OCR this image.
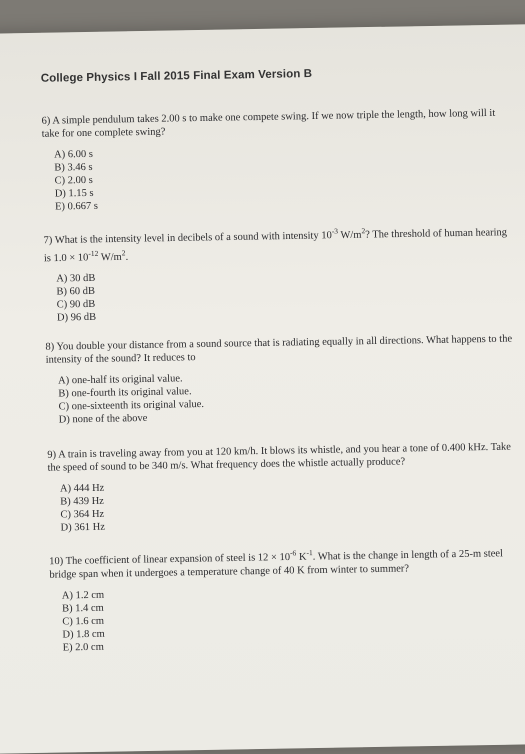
College Physics I Fall 2015 Final Exam Version B

6) A simple pendulum takes 2.00 s to make one compete swing. If we now triple the length, how long will it take for one complete swing?

A) 6.00 s
B) 3.46 s
C) 2.00 s
D) 1.15 s
E) 0.667 s

7) What is the intensity level in decibels of a sound with intensity $10^{-3}$ $W/m^2$? The threshold of human hearing is $1.0 \times 10^{-12}$ $W/m^2$.

A) 30 dB
B) 60 dB
C) 90 dB
D) 96 dB

8) You double your distance from a sound source that is radiating equally in all directions. What happens to the intensity of the sound? It reduces to

A) one-half its original value.
B) one-fourth its original value.
C) one-sixteenth its original value.
D) none of the above

9) A train is traveling away from you at 120 km/h. It blows its whistle, and you hear a tone of 0.400 kHz. Take the speed of sound to be 340 m/s. What frequency does the whistle actually produce?

A) 444 Hz
B) 439 Hz
C) 364 Hz
D) 361 Hz

10) The coefficient of linear expansion of steel is $12 \times 10^{-6}$ $K^{-1}$. What is the change in length of a 25-m steel bridge span when it undergoes a temperature change of 40 K from winter to summer?

A) 1.2 cm
B) 1.4 cm
C) 1.6 cm
D) 1.8 cm
E) 2.0 cm
